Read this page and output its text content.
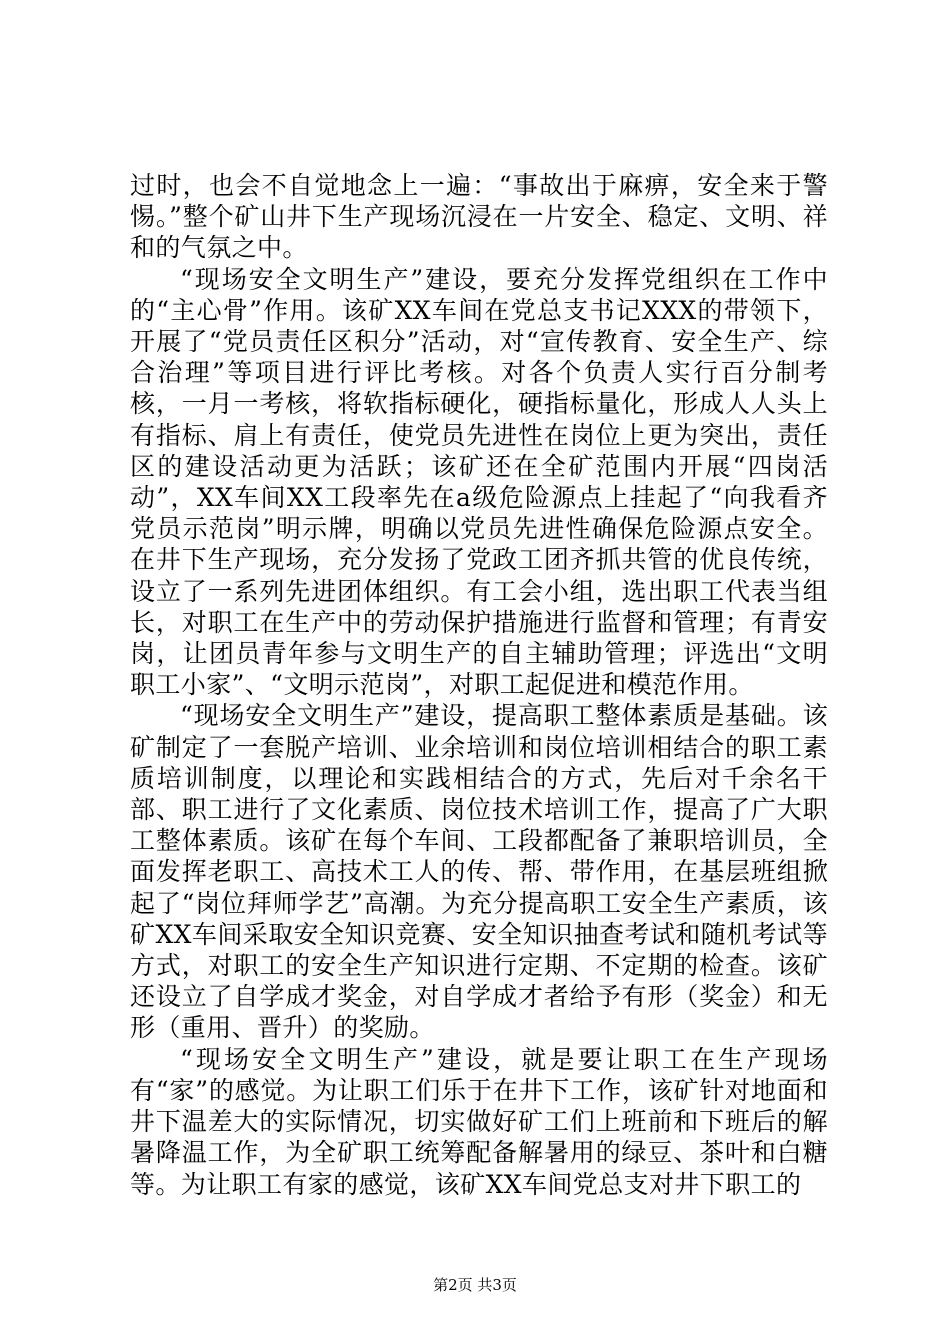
过时，也会不自觉地念上一遍：“事故出于麻痹，安全来于警惕。”整个矿山井下生产现场沉浸在一片安全、稳定、文明、祥和的气氛之中。

“现场安全文明生产”建设，要充分发挥党组织在工作中的“主心骨”作用。该矿XX车间在党总支书记XXX的带领下，开展了“党员责任区积分”活动，对“宣传教育、安全生产、综合治理”等项目进行评比考核。对各个负责人实行百分制考核，一月一考核，将软指标硬化，硬指标量化，形成人人头上有指标、肩上有责任，使党员先进性在岗位上更为突出，责任区的建设活动更为活跃；该矿还在全矿范围内开展“四岗活动”，XX车间XX工段率先在a级危险源点上挂起了“向我看齐党员示范岗”明示牌，明确以党员先进性确保危险源点安全。在井下生产现场，充分发扬了党政工团齐抓共管的优良传统，设立了一系列先进团体组织。有工会小组，选出职工代表当组长，对职工在生产中的劳动保护措施进行监督和管理；有青安岗，让团员青年参与文明生产的自主辅助管理；评选出“文明职工小家”、“文明示范岗”，对职工起促进和模范作用。

“现场安全文明生产”建设，提高职工整体素质是基础。该矿制定了一套脱产培训、业余培训和岗位培训相结合的职工素质培训制度，以理论和实践相结合的方式，先后对千余名干部、职工进行了文化素质、岗位技术培训工作，提高了广大职工整体素质。该矿在每个车间、工段都配备了兼职培训员，全面发挥老职工、高技术工人的传、帮、带作用，在基层班组掀起了“岗位拜师学艺”高潮。为充分提高职工安全生产素质，该矿XX车间采取安全知识竞赛、安全知识抽查考试和随机考试等方式，对职工的安全生产知识进行定期、不定期的检查。该矿还设立了自学成才奖金，对自学成才者给予有形（奖金）和无形（重用、晋升）的奖励。

“现场安全文明生产”建设，就是要让职工在生产现场有“家”的感觉。为让职工们乐于在井下工作，该矿针对地面和井下温差大的实际情况，切实做好矿工们上班前和下班后的解暑降温工作，为全矿职工统筹配备解暑用的绿豆、茶叶和白糖等。为让职工有家的感觉，该矿XX车间党总支对井下职工的

第2页 共3页
